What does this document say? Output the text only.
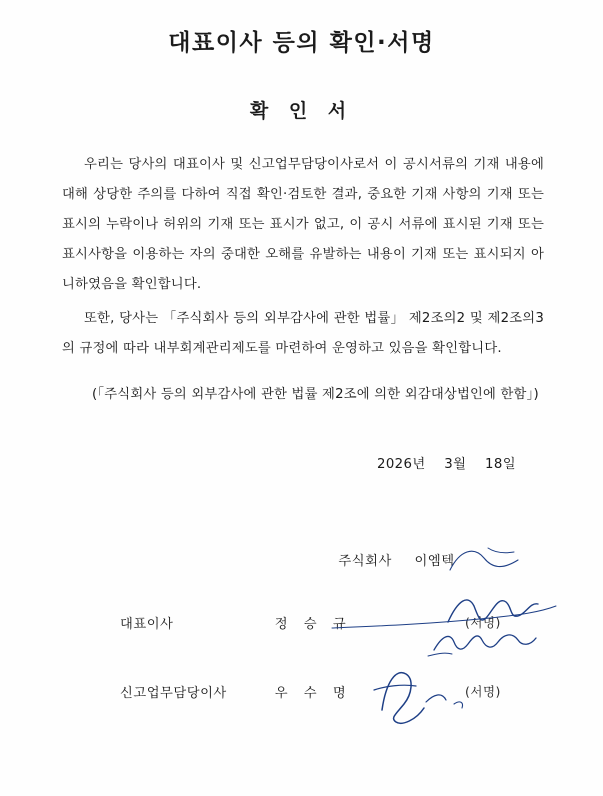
대표이사 등의 확인·서명
확 인 서
우리는 당사의 대표이사 및 신고업무담당이사로서 이 공시서류의 기재 내용에 대해 상당한 주의를 다하여 직접 확인·검토한 결과, 중요한 기재 사항의 기재 또는 표시의 누락이나 허위의 기재 또는 표시가 없고, 이 공시 서류에 표시된 기재 또는 표시사항을 이용하는 자의 중대한 오해를 유발하는 내용이 기재 또는 표시되지 아니하였음을 확인합니다.
또한, 당사는 「주식회사 등의 외부감사에 관한 법률」 제2조의2 및 제2조의3의 규정에 따라 내부회계관리제도를 마련하여 운영하고 있음을 확인합니다.
(「주식회사 등의 외부감사에 관한 법률 제2조에 의한 외감대상법인에 한함」)
2026년 3월 18일
주식회사 이엠텍
대표이사	정 승 규	(서명)
신고업무담당이사	우 수 명	(서명)
